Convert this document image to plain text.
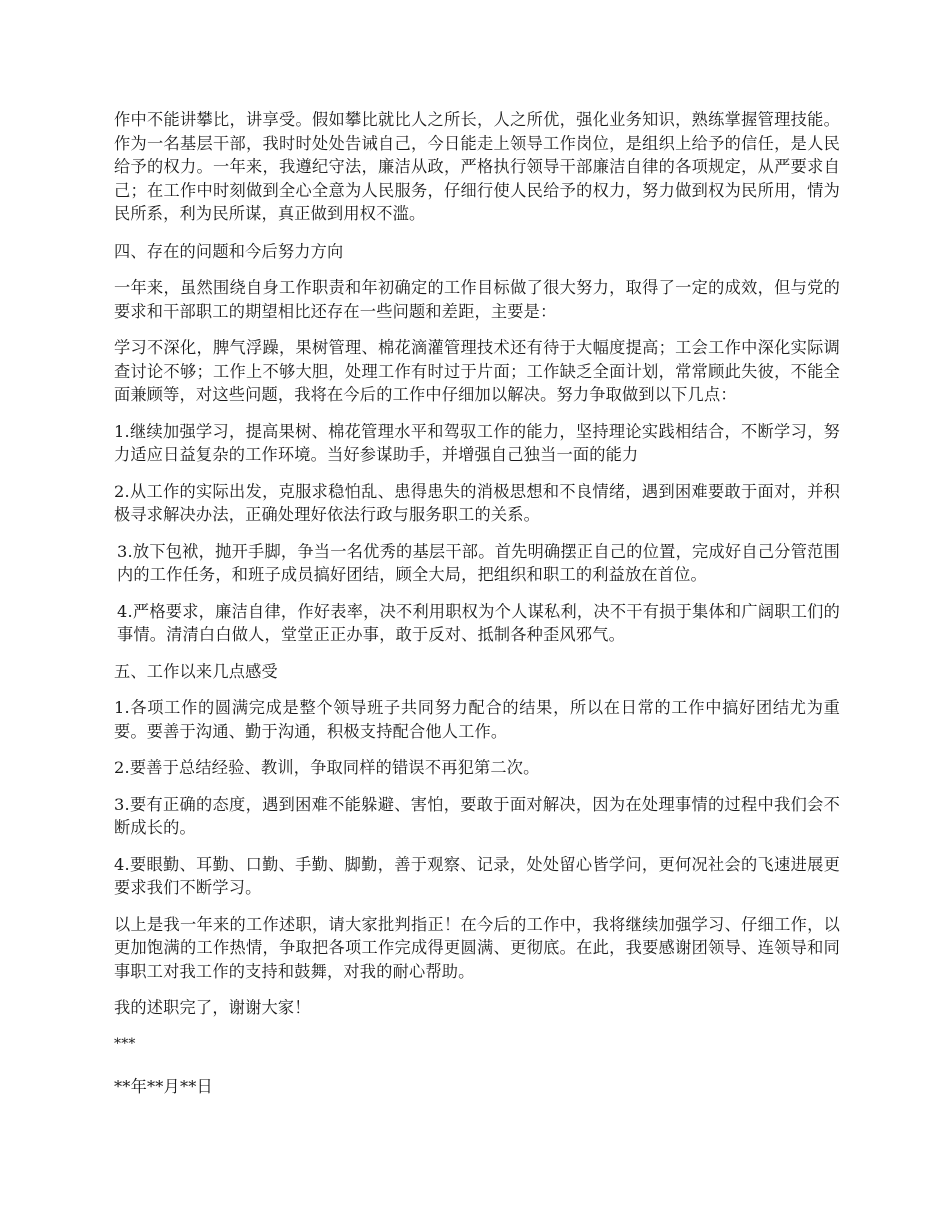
作中不能讲攀比，讲享受。假如攀比就比人之所长，人之所优，强化业务知识，熟练掌握管理技能。作为一名基层干部，我时时处处告诫自己，今日能走上领导工作岗位，是组织上给予的信任，是人民给予的权力。一年来，我遵纪守法，廉洁从政，严格执行领导干部廉洁自律的各项规定，从严要求自己；在工作中时刻做到全心全意为人民服务，仔细行使人民给予的权力，努力做到权为民所用，情为民所系，利为民所谋，真正做到用权不滥。

四、存在的问题和今后努力方向

一年来，虽然围绕自身工作职责和年初确定的工作目标做了很大努力，取得了一定的成效，但与党的要求和干部职工的期望相比还存在一些问题和差距，主要是：

学习不深化，脾气浮躁，果树管理、棉花滴灌管理技术还有待于大幅度提高；工会工作中深化实际调查讨论不够；工作上不够大胆，处理工作有时过于片面；工作缺乏全面计划，常常顾此失彼，不能全面兼顾等，对这些问题，我将在今后的工作中仔细加以解决。努力争取做到以下几点：

1.继续加强学习，提高果树、棉花管理水平和驾驭工作的能力，坚持理论实践相结合，不断学习，努力适应日益复杂的工作环境。当好参谋助手，并增强自己独当一面的能力

2.从工作的实际出发，克服求稳怕乱、患得患失的消极思想和不良情绪，遇到困难要敢于面对，并积极寻求解决办法，正确处理好依法行政与服务职工的关系。

3.放下包袱，抛开手脚，争当一名优秀的基层干部。首先明确摆正自己的位置，完成好自己分管范围内的工作任务，和班子成员搞好团结，顾全大局，把组织和职工的利益放在首位。

4.严格要求，廉洁自律，作好表率，决不利用职权为个人谋私利，决不干有损于集体和广阔职工们的事情。清清白白做人，堂堂正正办事，敢于反对、抵制各种歪风邪气。

五、工作以来几点感受

1.各项工作的圆满完成是整个领导班子共同努力配合的结果，所以在日常的工作中搞好团结尤为重要。要善于沟通、勤于沟通，积极支持配合他人工作。

2.要善于总结经验、教训，争取同样的错误不再犯第二次。

3.要有正确的态度，遇到困难不能躲避、害怕，要敢于面对解决，因为在处理事情的过程中我们会不断成长的。

4.要眼勤、耳勤、口勤、手勤、脚勤，善于观察、记录，处处留心皆学问，更何况社会的飞速进展更要求我们不断学习。

以上是我一年来的工作述职，请大家批判指正！在今后的工作中，我将继续加强学习、仔细工作，以更加饱满的工作热情，争取把各项工作完成得更圆满、更彻底。在此，我要感谢团领导、连领导和同事职工对我工作的支持和鼓舞，对我的耐心帮助。

我的述职完了，谢谢大家！

***

**年**月**日
